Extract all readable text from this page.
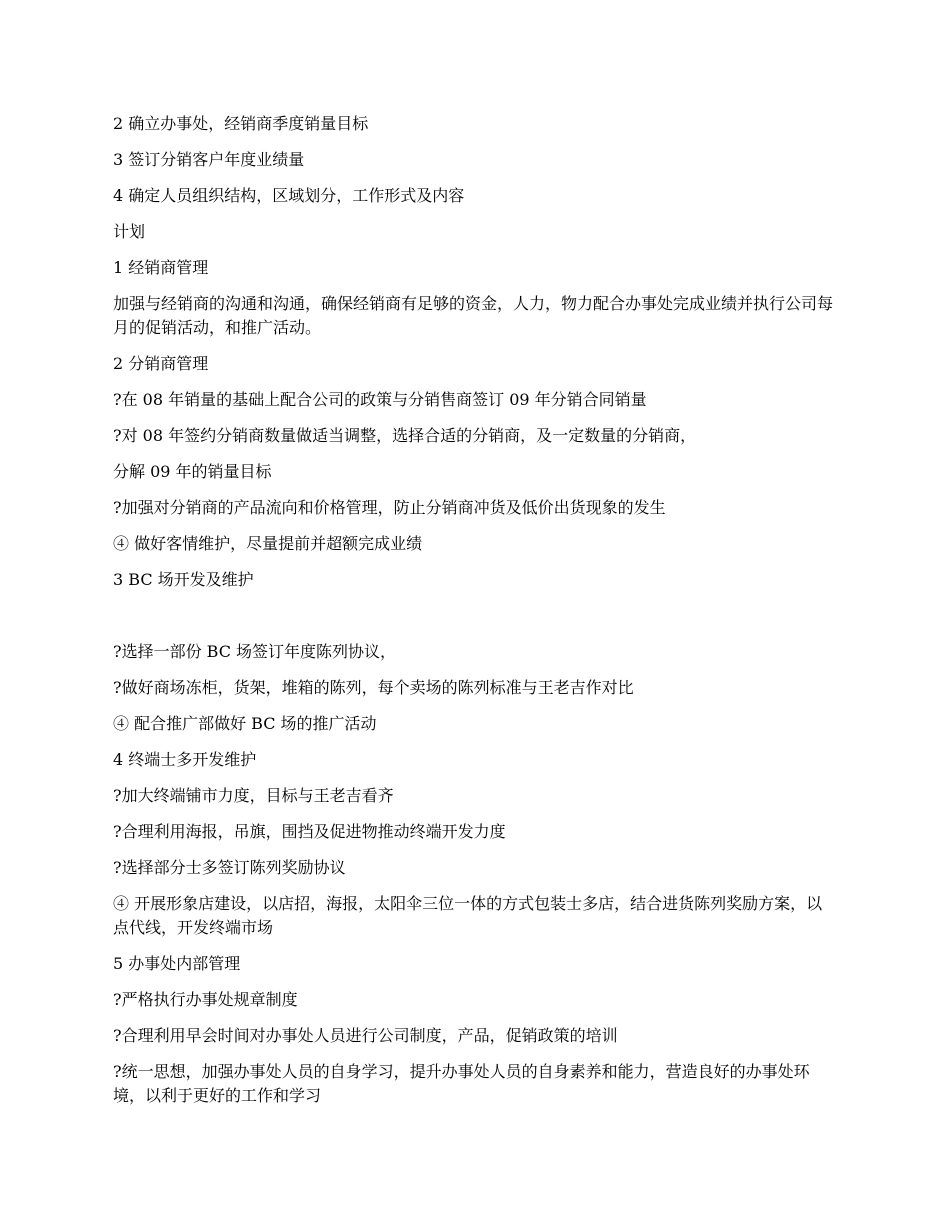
2 确立办事处，经销商季度销量目标

3 签订分销客户年度业绩量

4 确定人员组织结构，区域划分，工作形式及内容

计划

1 经销商管理

加强与经销商的沟通和沟通，确保经销商有足够的资金，人力，物力配合办事处完成业绩并执行公司每月的促销活动，和推广活动。

2 分销商管理

?在 08 年销量的基础上配合公司的政策与分销售商签订 09 年分销合同销量

?对 08 年签约分销商数量做适当调整，选择合适的分销商，及一定数量的分销商，

分解 09 年的销量目标

?加强对分销商的产品流向和价格管理，防止分销商冲货及低价出货现象的发生

④ 做好客情维护，尽量提前并超额完成业绩

3 BC 场开发及维护

?选择一部份 BC 场签订年度陈列协议，

?做好商场冻柜，货架，堆箱的陈列，每个卖场的陈列标准与王老吉作对比

④ 配合推广部做好 BC 场的推广活动

4 终端士多开发维护

?加大终端铺市力度，目标与王老吉看齐

?合理利用海报，吊旗，围挡及促进物推动终端开发力度

?选择部分士多签订陈列奖励协议

④ 开展形象店建设，以店招，海报，太阳伞三位一体的方式包装士多店，结合进货陈列奖励方案，以点代线，开发终端市场

5 办事处内部管理

?严格执行办事处规章制度

?合理利用早会时间对办事处人员进行公司制度，产品，促销政策的培训

?统一思想，加强办事处人员的自身学习，提升办事处人员的自身素养和能力，营造良好的办事处环境，以利于更好的工作和学习
